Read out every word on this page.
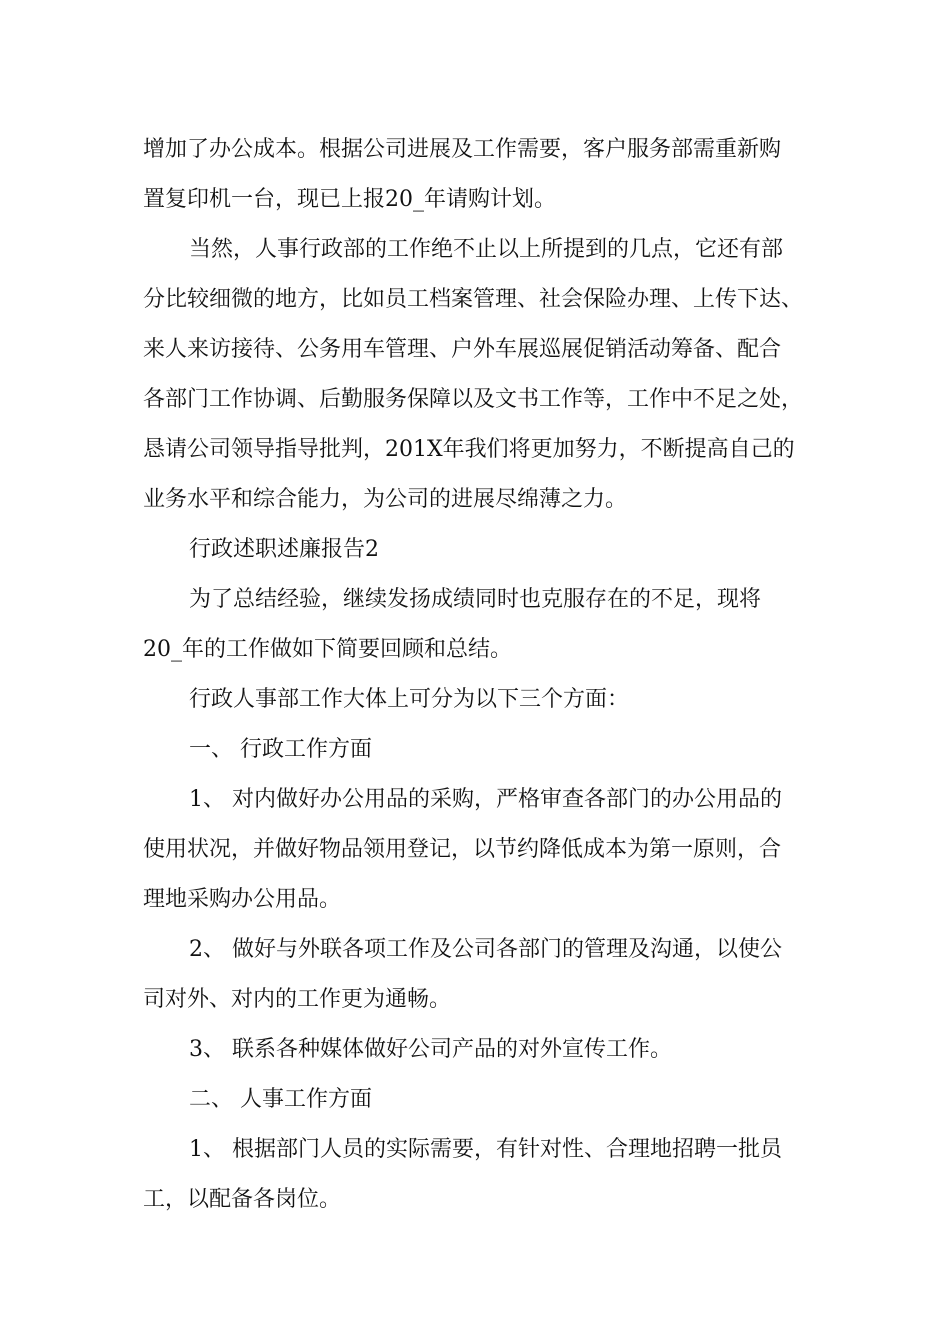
增加了办公成本。根据公司进展及工作需要，客户服务部需重新购
置复印机一台，现已上报20_年请购计划。
当然，人事行政部的工作绝不止以上所提到的几点，它还有部
分比较细微的地方，比如员工档案管理、社会保险办理、上传下达、
来人来访接待、公务用车管理、户外车展巡展促销活动筹备、配合
各部门工作协调、后勤服务保障以及文书工作等，工作中不足之处，
恳请公司领导指导批判，201X年我们将更加努力，不断提高自己的
业务水平和综合能力，为公司的进展尽绵薄之力。
行政述职述廉报告2
为了总结经验，继续发扬成绩同时也克服存在的不足，现将
20_年的工作做如下简要回顾和总结。
行政人事部工作大体上可分为以下三个方面：
一、 行政工作方面
1、 对内做好办公用品的采购，严格审查各部门的办公用品的
使用状况，并做好物品领用登记，以节约降低成本为第一原则，合
理地采购办公用品。
2、 做好与外联各项工作及公司各部门的管理及沟通，以使公
司对外、对内的工作更为通畅。
3、 联系各种媒体做好公司产品的对外宣传工作。
二、 人事工作方面
1、 根据部门人员的实际需要，有针对性、合理地招聘一批员
工，以配备各岗位。
